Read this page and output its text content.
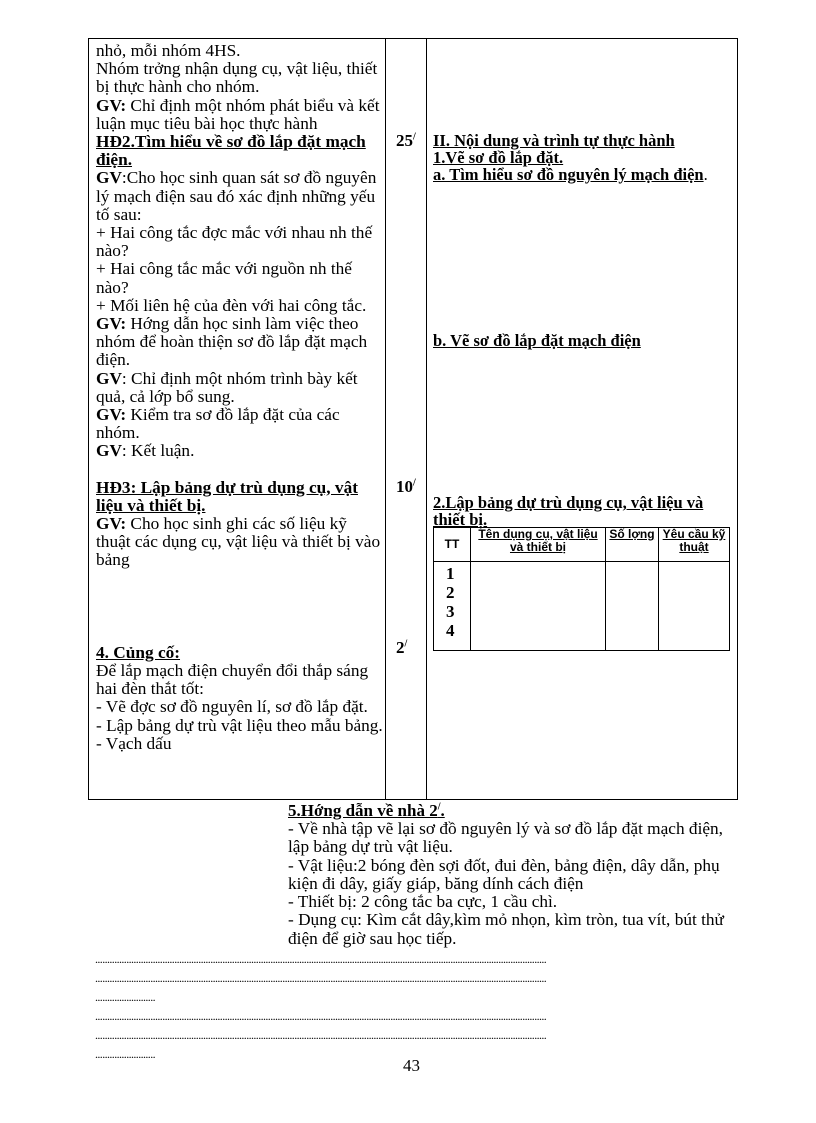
nhỏ, mỗi nhóm 4HS.

Nhóm trởng nhận dụng cụ, vật liệu, thiết bị thực hành cho nhóm.

GV: Chỉ định một nhóm phát biểu và kết luận mục tiêu bài học thực hành

HĐ2.Tìm hiểu về sơ đồ lắp đặt mạch điện.

GV:Cho học sinh quan sát sơ đồ nguyên lý mạch điện sau đó xác định những yếu tố sau:

+ Hai công tắc đợc mắc với nhau nh thế nào?

+ Hai công tắc mắc với nguồn nh thế nào?

+ Mối liên hệ của đèn với hai công tắc.

GV: Hớng dẫn học sinh làm việc theo nhóm để hoàn thiện sơ đồ lắp đặt mạch điện.

GV: Chỉ định một nhóm trình bày kết quả, cả lớp bổ sung.

GV: Kiểm tra sơ đồ lắp đặt của các nhóm.

GV: Kết luận.

HĐ3: Lập bảng dự trù dụng cụ, vật liệu và thiết bị.

GV: Cho học sinh ghi các số liệu kỹ thuật các dụng cụ, vật liệu và thiết bị vào bảng

4. Củng cố:

Để lắp mạch điện chuyển đổi thắp sáng hai đèn thắt tốt:

- Vẽ đợc sơ đồ nguyên lí, sơ đồ lắp đặt.

- Lập bảng dự trù vật liệu theo mẫu bảng.

- Vạch dấu

25/
10/
2/
II. Nội dung và trình tự thực hành
1.Vẽ sơ đồ lắp đặt.
a. Tìm hiểu sơ đồ nguyên lý mạch điện.
b. Vẽ sơ đồ lắp đặt mạch điện
2.Lập bảng dự trù dụng cụ, vật liệu và thiết bị.
TT	Tên dụng cụ, vật liệu và thiết bị	Số lợng	Yêu cầu kỹ thuật

1
2
3
4			

5.Hớng dẫn về nhà 2/.

- Về nhà tập vẽ lại sơ đồ nguyên lý và sơ đồ lắp đặt mạch điện, lập bảng dự trù vật liệu.

- Vật liệu:2 bóng đèn sợi đốt, đui đèn, bảng điện, dây dẫn, phụ kiện đi dây, giấy giáp, băng dính cách điện

- Thiết bị: 2 công tắc ba cực, 1 cầu chì.

- Dụng cụ: Kìm cắt dây,kìm mỏ nhọn, kìm tròn, tua vít, bút thử điện để giờ sau học tiếp.

............................................................................................................................................................................................
............................................................................................................................................................................................
.........................
............................................................................................................................................................................................
............................................................................................................................................................................................
.........................
43
